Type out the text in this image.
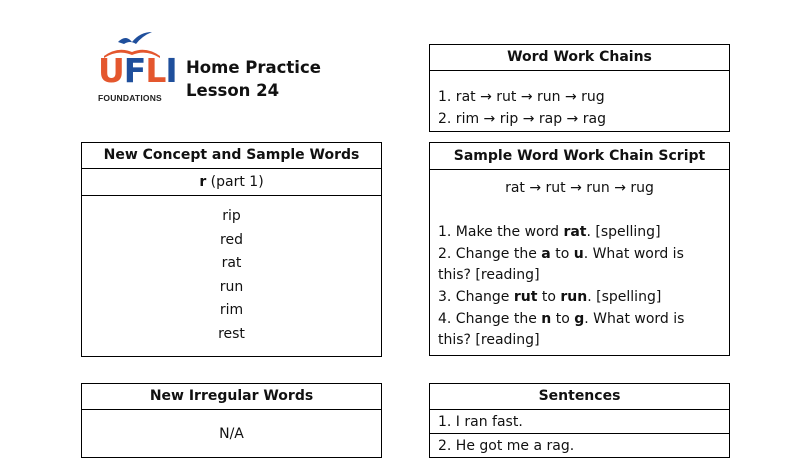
UFLI
FOUNDATIONS
Home Practice
Lesson 24
New Concept and Sample Words
r (part 1)
rip
red
rat
run
rim
rest
New Irregular Words
N/A
Word Work Chains
1. rat → rut → run → rug
2. rim → rip → rap → rag
Sample Word Work Chain Script
rat → rut → run → rug
1. Make the word rat. [spelling]
2. Change the a to u. What word is
this? [reading]
3. Change rut to run. [spelling]
4. Change the n to g. What word is
this? [reading]
Sentences
1. I ran fast.
2. He got me a rag.
